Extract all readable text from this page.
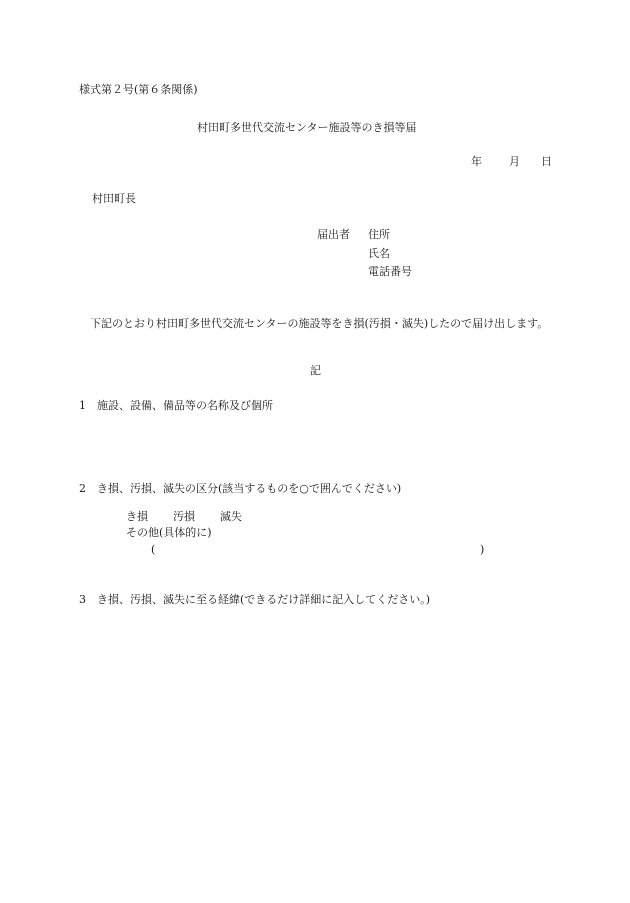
様式第２号(第６条関係)
村田町多世代交流センター施設等のき損等届
年 月 日
村田町長
届出者 住所
氏名
電話番号
下記のとおり村田町多世代交流センターの施設等をき損(汚損・滅失)したので届け出します。
記
1　施設、設備、備品等の名称及び個所
2　き損、汚損、滅失の区分(該当するものを○で囲んでください)
き損 汚損 滅失
その他(具体的に)
(	)
3　き損、汚損、滅失に至る経緯(できるだけ詳細に記入してください。)
